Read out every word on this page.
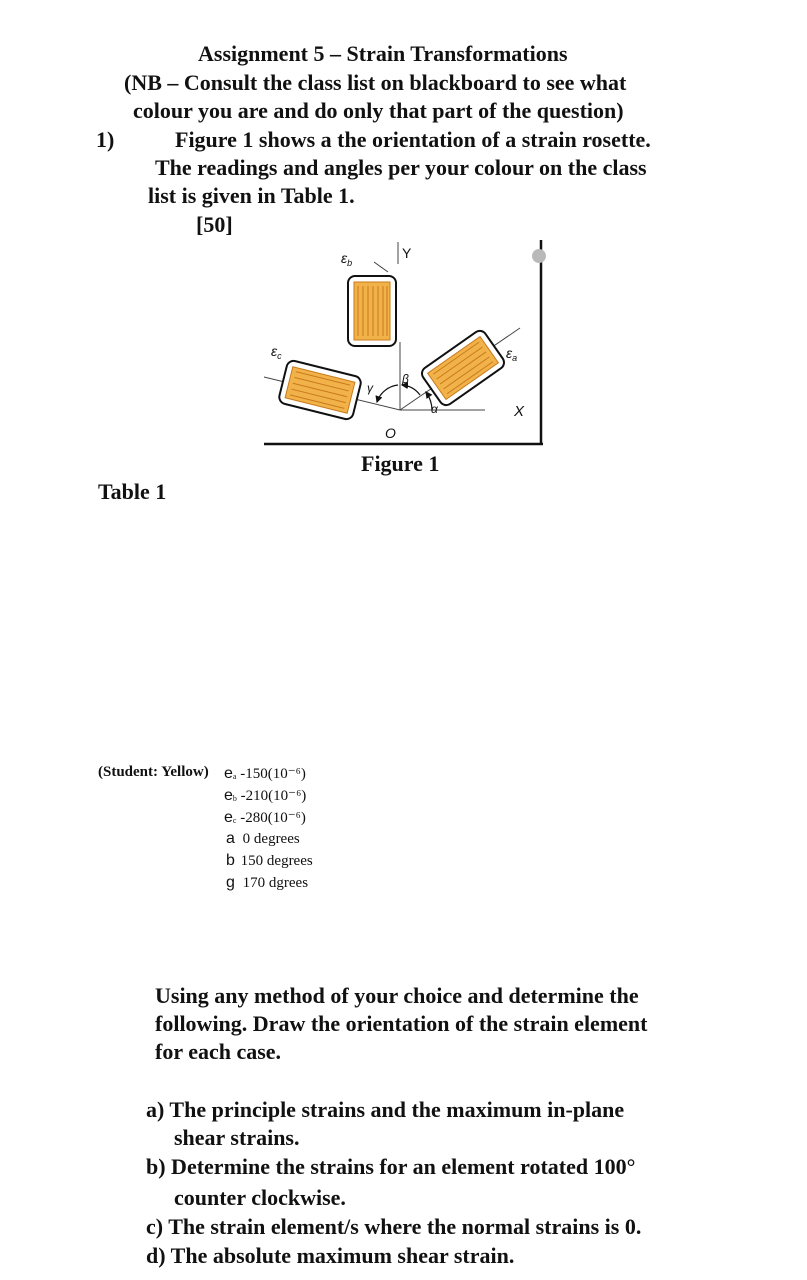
Assignment 5 – Strain Transformations
(NB – Consult the class list on blackboard to see what
colour you are and do only that part of the question)
1)	Figure 1 shows a the orientation of a strain rosette.
The readings and angles per your colour on the class
list is given in Table 1.
[50]
$\varepsilon_b$
Y
$\varepsilon_a$
$\varepsilon_c$
X
O
α
β
γ
Figure 1
Table 1
(Student: Yellow) ea -150(10⁻⁶)
eb -210(10⁻⁶)
ec -280(10⁻⁶)
a 0 degrees
b 150 degrees
g 170 dgrees
Using any method of your choice and determine the
following. Draw the orientation of the strain element
for each case.
a) The principle strains and the maximum in-plane
shear strains.
b) Determine the strains for an element rotated 100°
counter clockwise.
c) The strain element/s where the normal strains is 0.
d) The absolute maximum shear strain.
